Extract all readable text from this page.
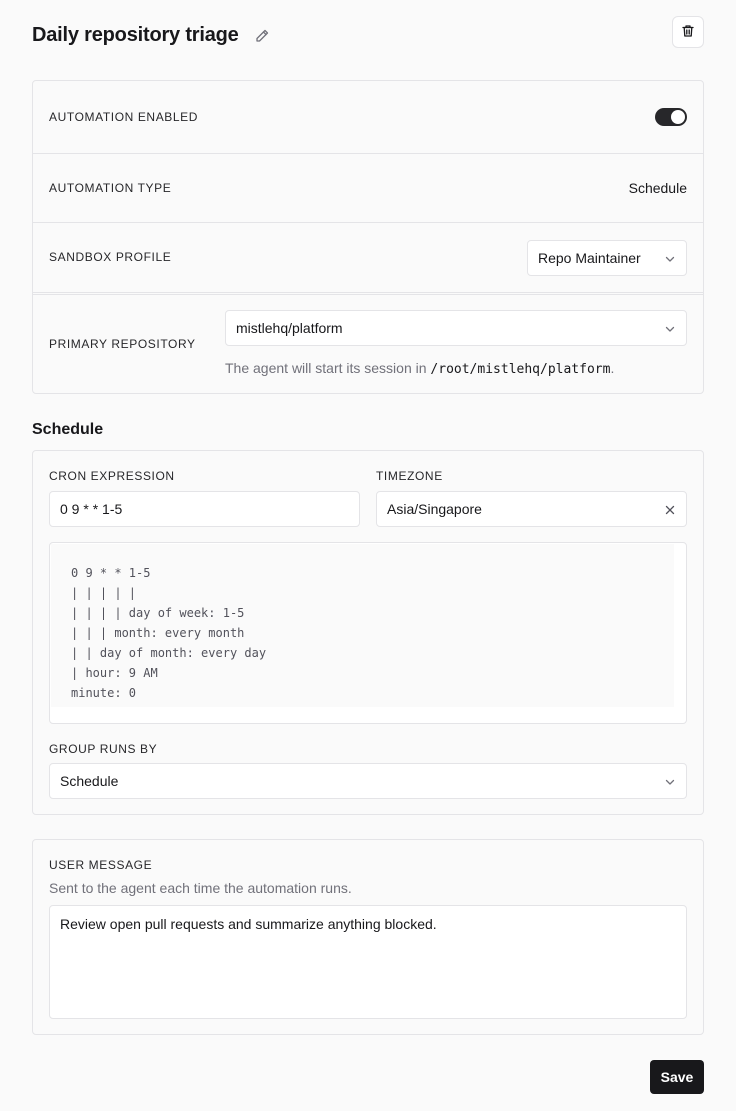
Daily repository triage
AUTOMATION ENABLED
AUTOMATION TYPE	Schedule
SANDBOX PROFILE	Repo Maintainer
PRIMARY REPOSITORY
mistlehq/platform

The agent will start its session in /root/mistlehq/platform.

Schedule
CRON EXPRESSION
0 9 * * 1-5
TIMEZONE
Asia/Singapore
0 9 * * 1-5
| | | | |
| | | | day of week: 1-5
| | | month: every month
| | day of month: every day
| hour: 9 AM
minute: 0
GROUP RUNS BY
Schedule
USER MESSAGE
Sent to the agent each time the automation runs.
Review open pull requests and summarize anything blocked.
Save
